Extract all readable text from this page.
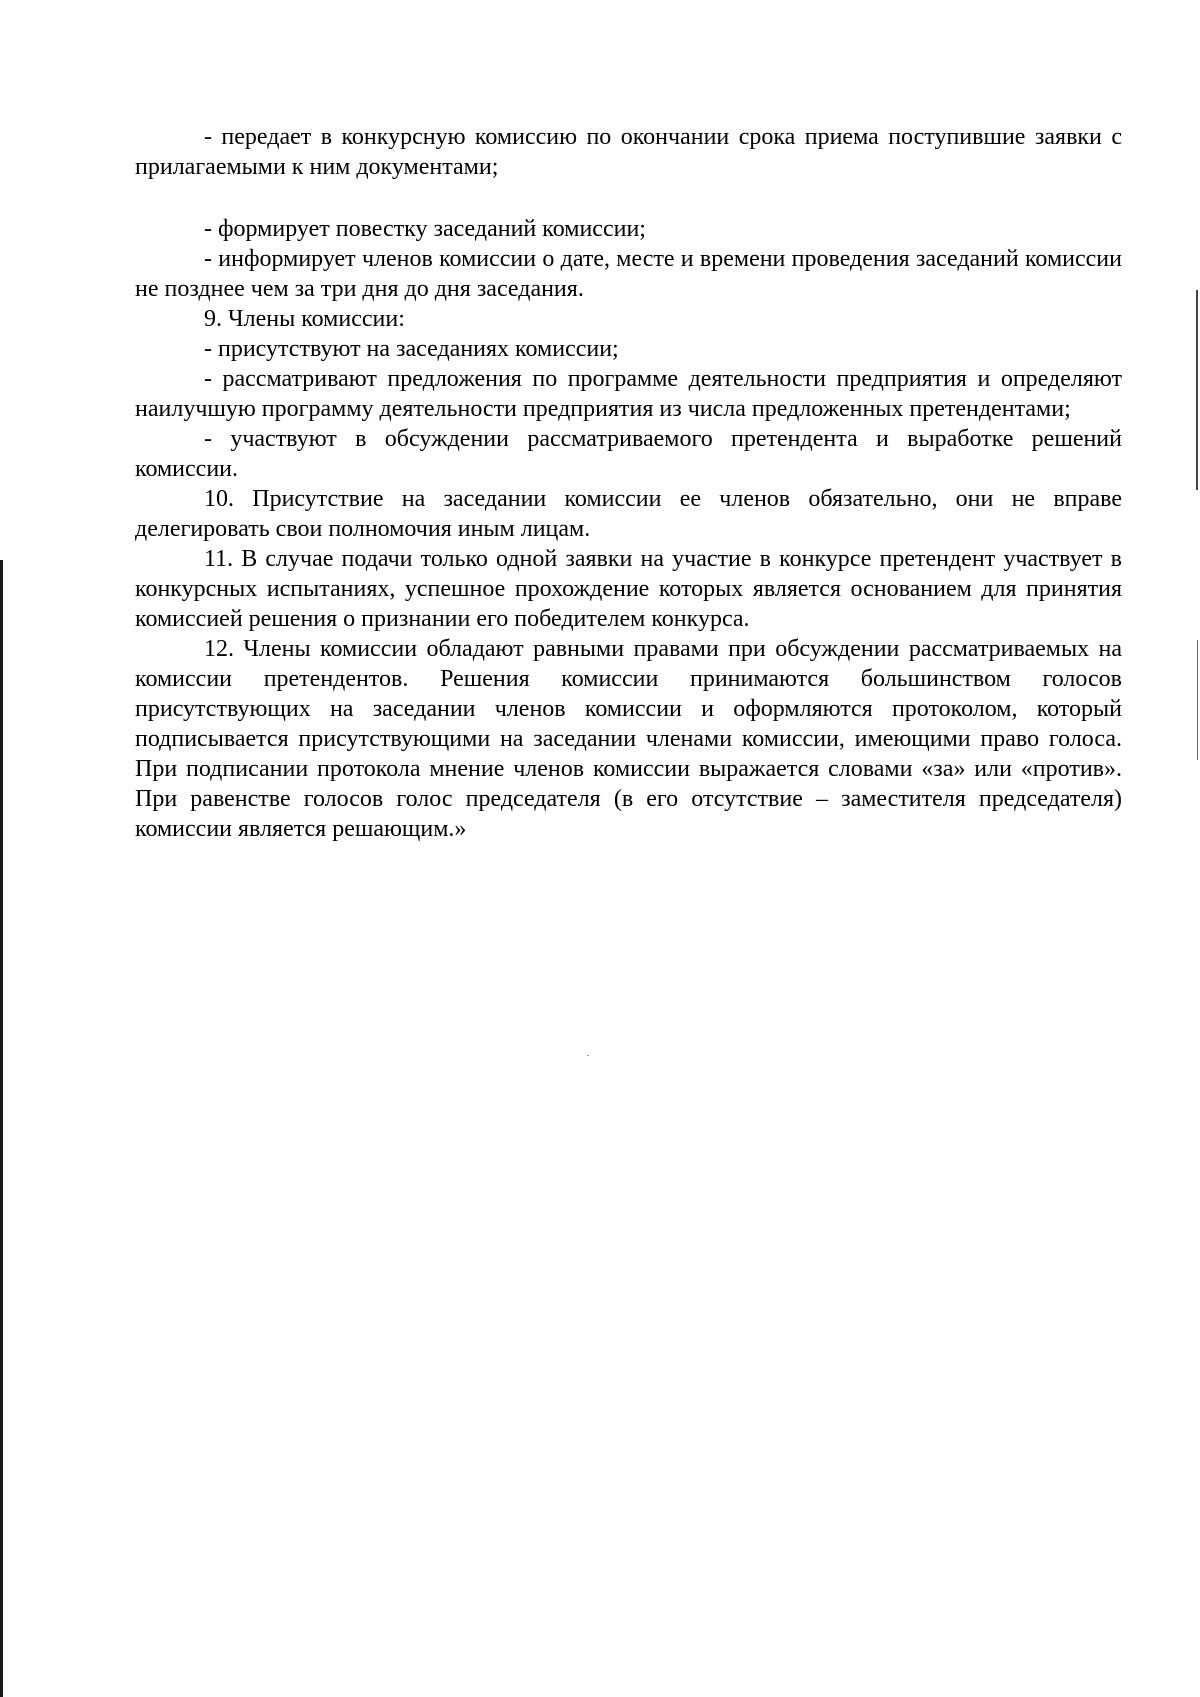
- передает в конкурсную комиссию по окончании срока приема поступившие заявки с прилагаемыми к ним документами;

- формирует повестку заседаний комиссии;

- информирует членов комиссии о дате, месте и времени проведения заседаний комиссии не позднее чем за три дня до дня заседания.

9. Члены комиссии:

- присутствуют на заседаниях комиссии;

- рассматривают предложения по программе деятельности предприятия и определяют наилучшую программу деятельности предприятия из числа предложенных претендентами;

- участвуют в обсуждении рассматриваемого претендента и выработке решений комиссии.

10. Присутствие на заседании комиссии ее членов обязательно, они не вправе делегировать свои полномочия иным лицам.

11. В случае подачи только одной заявки на участие в конкурсе претендент участвует в конкурсных испытаниях, успешное прохождение которых является основанием для принятия комиссией решения о признании его победителем конкурса.

12. Члены комиссии обладают равными правами при обсуждении рассматриваемых на комиссии претендентов. Решения комиссии принимаются большинством голосов присутствующих на заседании членов комиссии и оформляются протоколом, который подписывается присутствующими на заседании членами комиссии, имеющими право голоса. При подписании протокола мнение членов комиссии выражается словами «за» или «против». При равенстве голосов голос председателя (в его отсутствие – заместителя председателя) комиссии является решающим.»
